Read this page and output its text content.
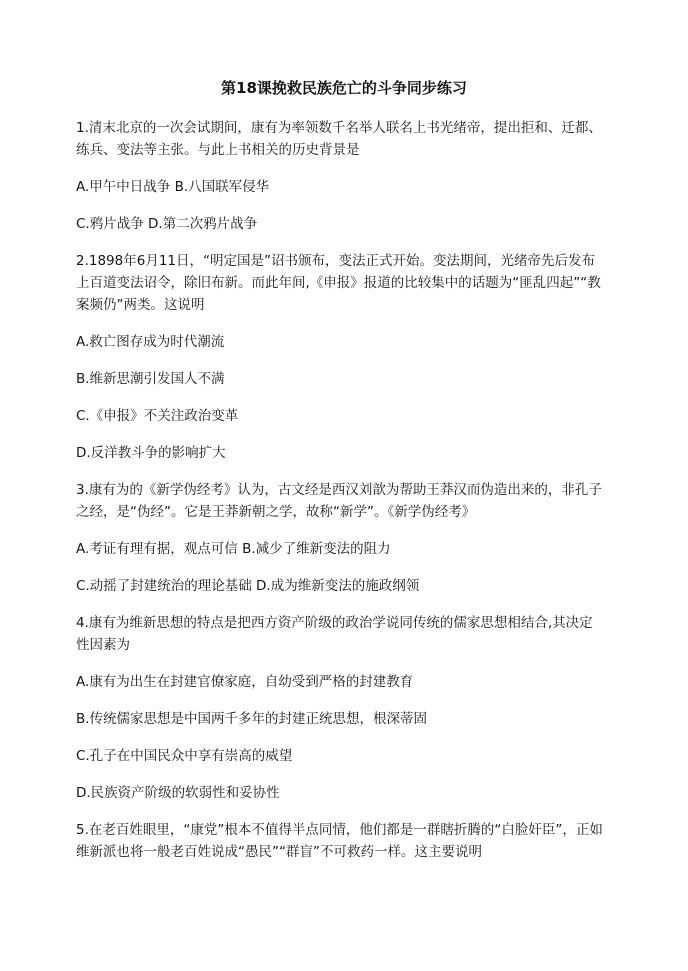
第18课挽救民族危亡的斗争同步练习
1.清末北京的一次会试期间，康有为率领数千名举人联名上书光绪帝，提出拒和、迁都、
练兵、变法等主张。与此上书相关的历史背景是
A.甲午中日战争 B.八国联军侵华
C.鸦片战争 D.第二次鸦片战争
2.1898年6月11日，“明定国是”诏书颁布，变法正式开始。变法期间，光绪帝先后发布
上百道变法诏令，除旧布新。而此年间,《申报》报道的比较集中的话题为“匪乱四起”“教
案频仍”两类。这说明
A.救亡图存成为时代潮流
B.维新思潮引发国人不满
C.《申报》不关注政治变革
D.反洋教斗争的影响扩大
3.康有为的《新学伪经考》认为，古文经是西汉刘歆为帮助王莽汉而伪造出来的，非孔子
之经，是“伪经”。它是王莽新朝之学，故称“新学”。《新学伪经考》
A.考证有理有据，观点可信 B.减少了维新变法的阻力
C.动摇了封建统治的理论基础 D.成为维新变法的施政纲领
4.康有为维新思想的特点是把西方资产阶级的政治学说同传统的儒家思想相结合,其决定
性因素为
A.康有为出生在封建官僚家庭，自幼受到严格的封建教育
B.传统儒家思想是中国两千多年的封建正统思想，根深蒂固
C.孔子在中国民众中享有崇高的威望
D.民族资产阶级的软弱性和妥协性
5.在老百姓眼里，“康党”根本不值得半点同情，他们都是一群瞎折腾的“白脸奸臣”，正如
维新派也将一般老百姓说成“愚民”“群盲”不可救药一样。这主要说明
